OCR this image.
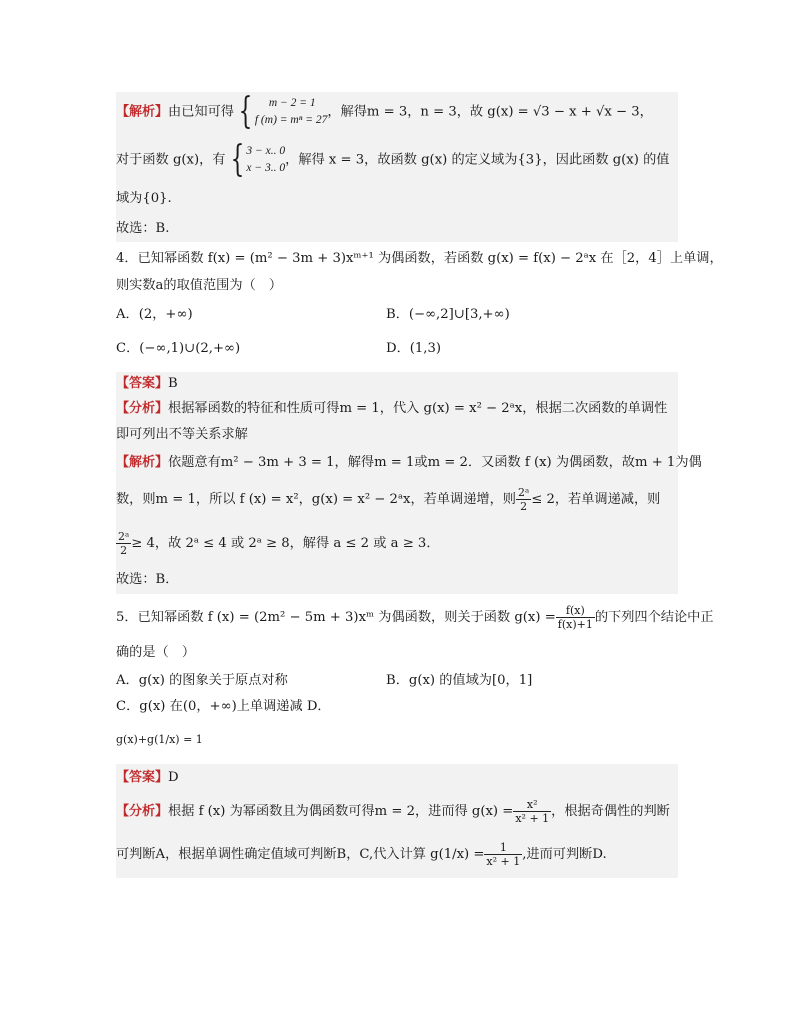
【解析】由已知可得 {	m − 2 = 1
f (m) = mⁿ = 27 ，解得m = 3，n = 3，故 g(x) = √3 − x + √x − 3，
对于函数 g(x)，有 { 3 − x.. 0
x − 3.. 0 ，解得 x = 3，故函数 g(x) 的定义域为{3}，因此函数 g(x) 的值
域为{0}.
故选：B.
4．已知幂函数 f(x) = (m² − 3m + 3)xᵐ⁺¹ 为偶函数，若函数 g(x) = f(x) − 2ᵃx 在［2，4］上单调，
则实数a的取值范围为（　）
A．(2，+∞)	B．(−∞,2]∪[3,+∞)
C．(−∞,1)∪(2,+∞)	D．(1,3)
【答案】B
【分析】根据幂函数的特征和性质可得m = 1，代入 g(x) = x² − 2ᵃx，根据二次函数的单调性
即可列出不等关系求解
【解析】依题意有m² − 3m + 3 = 1，解得m = 1或m = 2．又函数 f (x) 为偶函数，故m + 1为偶
数，则m = 1，所以 f (x) = x²，g(x) = x² − 2ᵃx，若单调递增，则 $\frac{\text{2ᵃ}}{2} \le 2$，若单调递减，则
$\frac{\text{2ᵃ}}{2} \ge 4$，故 2ᵃ ≤ 4 或 2ᵃ ≥ 8，解得 a ≤ 2 或 a ≥ 3．
故选：B．
5．已知幂函数 f (x) = (2m² − 5m + 3)xᵐ 为偶函数，则关于函数 $g(x) = \frac{f(x)}{f(x)+1}$ 的下列四个结论中正
确的是（　）
A．g(x) 的图象关于原点对称	B．g(x) 的值域为[0，1]
C．g(x) 在(0，+∞)上单调递减 D．
g(x)+g(1/x) = 1
【答案】D
【分析】根据 f (x) 为幂函数且为偶函数可得m = 2，进而得 $g(x) = \frac{\text{x²}}{\text{x² + 1}}$ ，根据奇偶性的判断
可判断A，根据单调性确定值域可判断B，C,代入计算 $g(1/x) = \frac{1}{\text{x² + 1}}$ ,进而可判断D.
